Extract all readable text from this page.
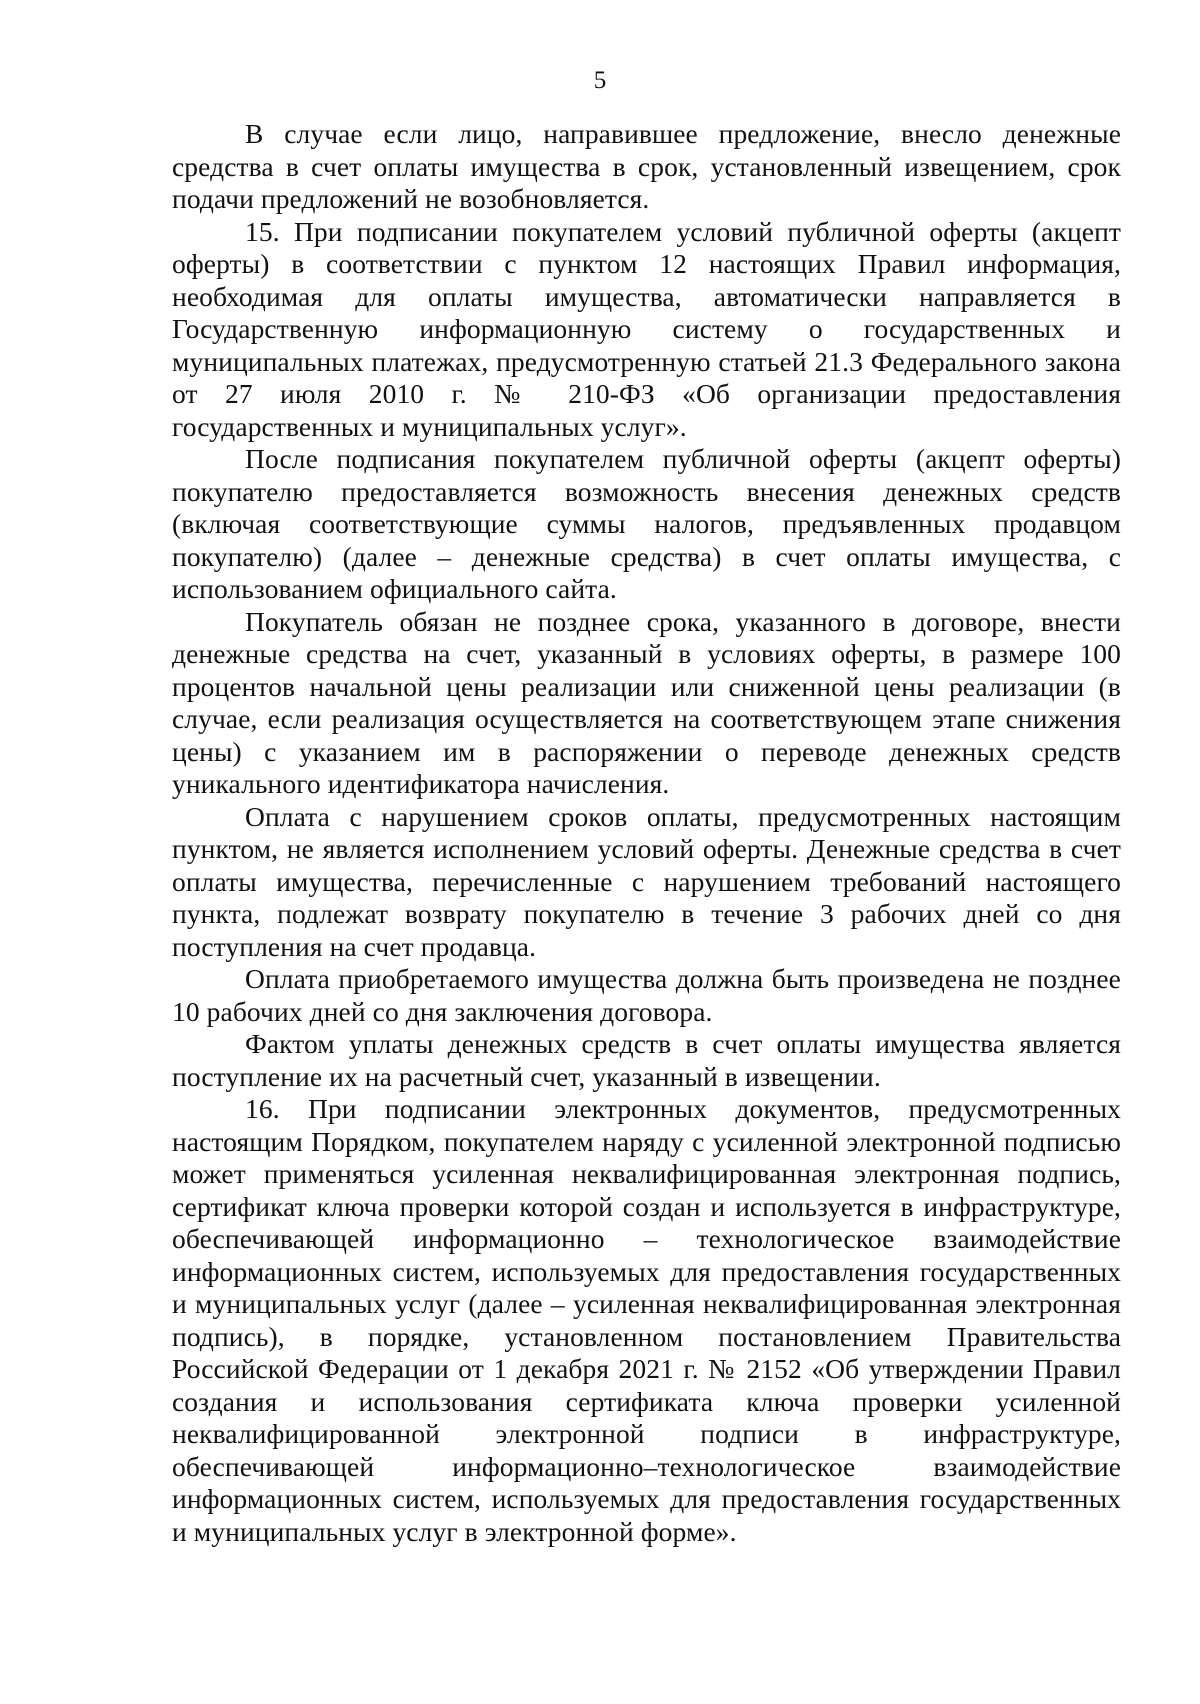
5

В случае если лицо, направившее предложение, внесло денежные средства в счет оплаты имущества в срок, установленный извещением, срок подачи предложений не возобновляется.

15. При подписании покупателем условий публичной оферты (акцепт оферты) в соответствии с пунктом 12 настоящих Правил информация, необходимая для оплаты имущества, автоматически направляется в Государственную информационную систему о государственных и муниципальных платежах, предусмотренную статьей 21.3 Федерального закона от 27 июля 2010 г. № 210-ФЗ «Об организации предоставления государственных и муниципальных услуг».

После подписания покупателем публичной оферты (акцепт оферты) покупателю предоставляется возможность внесения денежных средств (включая соответствующие суммы налогов, предъявленных продавцом покупателю) (далее – денежные средства) в счет оплаты имущества, с использованием официального сайта.

Покупатель обязан не позднее срока, указанного в договоре, внести денежные средства на счет, указанный в условиях оферты, в размере 100 процентов начальной цены реализации или сниженной цены реализации (в случае, если реализация осуществляется на соответствующем этапе снижения цены) с указанием им в распоряжении о переводе денежных средств уникального идентификатора начисления.

Оплата с нарушением сроков оплаты, предусмотренных настоящим пунктом, не является исполнением условий оферты. Денежные средства в счет оплаты имущества, перечисленные с нарушением требований настоящего пункта, подлежат возврату покупателю в течение 3 рабочих дней со дня поступления на счет продавца.

Оплата приобретаемого имущества должна быть произведена не позднее 10 рабочих дней со дня заключения договора.

Фактом уплаты денежных средств в счет оплаты имущества является поступление их на расчетный счет, указанный в извещении.

16. При подписании электронных документов, предусмотренных настоящим Порядком, покупателем наряду с усиленной электронной подписью может применяться усиленная неквалифицированная электронная подпись, сертификат ключа проверки которой создан и используется в инфраструктуре, обеспечивающей информационно – технологическое взаимодействие информационных систем, используемых для предоставления государственных и муниципальных услуг (далее – усиленная неквалифицированная электронная подпись), в порядке, установленном постановлением Правительства Российской Федерации от 1 декабря 2021 г. № 2152 «Об утверждении Правил создания и использования сертификата ключа проверки усиленной неквалифицированной электронной подписи в инфраструктуре, обеспечивающей информационно–технологическое взаимодействие информационных систем, используемых для предоставления государственных и муниципальных услуг в электронной форме».
